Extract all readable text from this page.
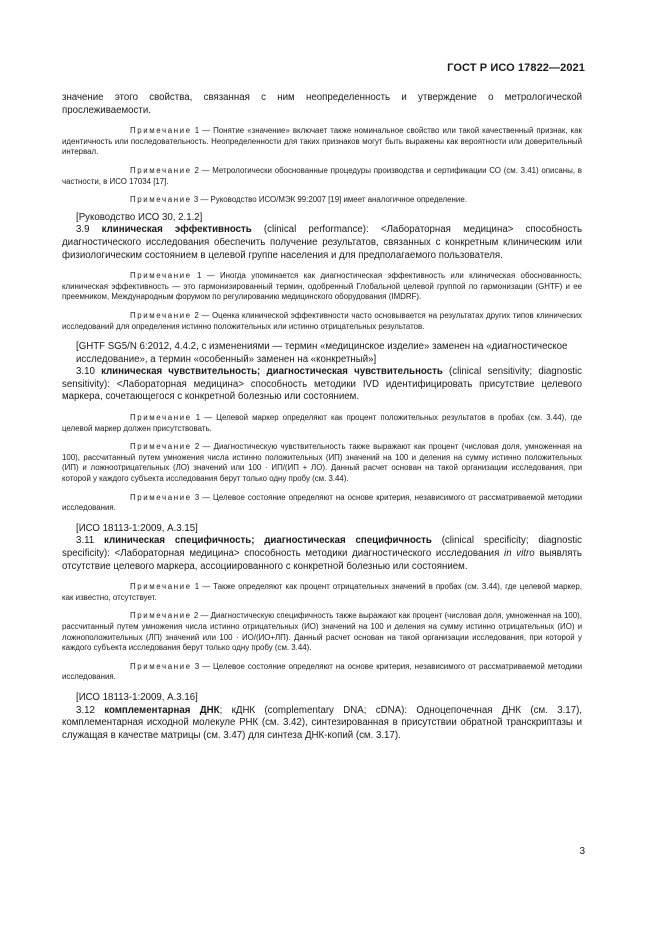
ГОСТ Р ИСО 17822—2021

значение этого свойства, связанная с ним неопределенность и утверждение о метрологической прослеживаемости.

Примечание 1 — Понятие «значение» включает также номинальное свойство или такой качественный признак, как идентичность или последовательность. Неопределенности для таких признаков могут быть выражены как вероятности или доверительный интервал.

Примечание 2 — Метрологически обоснованные процедуры производства и сертификации СО (см. 3.41) описаны, в частности, в ИСО 17034 [17].

Примечание 3 — Руководство ИСО/МЭК 99:2007 [19] имеет аналогичное определение.

[Руководство ИСО 30, 2.1.2]

3.9 клиническая эффективность (clinical performance): <Лабораторная медицина> способность диагностического исследования обеспечить получение результатов, связанных с конкретным клиническим или физиологическим состоянием в целевой группе населения и для предполагаемого пользователя.

Примечание 1 — Иногда упоминается как диагностическая эффективность или клиническая обоснованность; клиническая эффективность — это гармонизированный термин, одобренный Глобальной целевой группой по гармонизации (GHTF) и ее преемником, Международным форумом по регулированию медицинского оборудования (IMDRF).

Примечание 2 — Оценка клинической эффективности часто основывается на результатах других типов клинических исследований для определения истинно положительных или истинно отрицательных результатов.

[GHTF SG5/N 6:2012, 4.4.2, с изменениями — термин «медицинское изделие» заменен на «диагностическое исследование», а термин «особенный» заменен на «конкретный»]

3.10 клиническая чувствительность; диагностическая чувствительность (clinical sensitivity; diagnostic sensitivity): <Лабораторная медицина> способность методики IVD идентифицировать присутствие целевого маркера, сочетающегося с конкретной болезнью или состоянием.

Примечание 1 — Целевой маркер определяют как процент положительных результатов в пробах (см. 3.44), где целевой маркер должен присутствовать.

Примечание 2 — Диагностическую чувствительность также выражают как процент (числовая доля, умноженная на 100), рассчитанный путем умножения числа истинно положительных (ИП) значений на 100 и деления на сумму истинно положительных (ИП) и ложноотрицательных (ЛО) значений или 100 · ИП/(ИП + ЛО). Данный расчет основан на такой организации исследования, при которой у каждого субъекта исследования берут только одну пробу (см. 3.44).

Примечание 3 — Целевое состояние определяют на основе критерия, независимого от рассматриваемой методики исследования.

[ИСО 18113-1:2009, А.3.15]

3.11 клиническая специфичность; диагностическая специфичность (clinical specificity; diagnostic specificity): <Лабораторная медицина> способность методики диагностического исследования in vitro выявлять отсутствие целевого маркера, ассоциированного с конкретной болезнью или состоянием.

Примечание 1 — Также определяют как процент отрицательных значений в пробах (см. 3.44), где целевой маркер, как известно, отсутствует.

Примечание 2 — Диагностическую специфичность также выражают как процент (числовая доля, умноженная на 100), рассчитанный путем умножения числа истинно отрицательных (ИО) значений на 100 и деления на сумму истинно отрицательных (ИО) и ложноположительных (ЛП) значений или 100 · ИО/(ИО+ЛП). Данный расчет основан на такой организации исследования, при которой у каждого субъекта исследования берут только одну пробу (см. 3.44).

Примечание 3 — Целевое состояние определяют на основе критерия, независимого от рассматриваемой методики исследования.

[ИСО 18113-1:2009, А.3.16]

3.12 комплементарная ДНК; кДНК (complementary DNA; cDNA): Одноцепочечная ДНК (см. 3.17), комплементарная исходной молекуле РНК (см. 3.42), синтезированная в присутствии обратной транскриптазы и служащая в качестве матрицы (см. 3.47) для синтеза ДНК-копий (см. 3.17).

3
